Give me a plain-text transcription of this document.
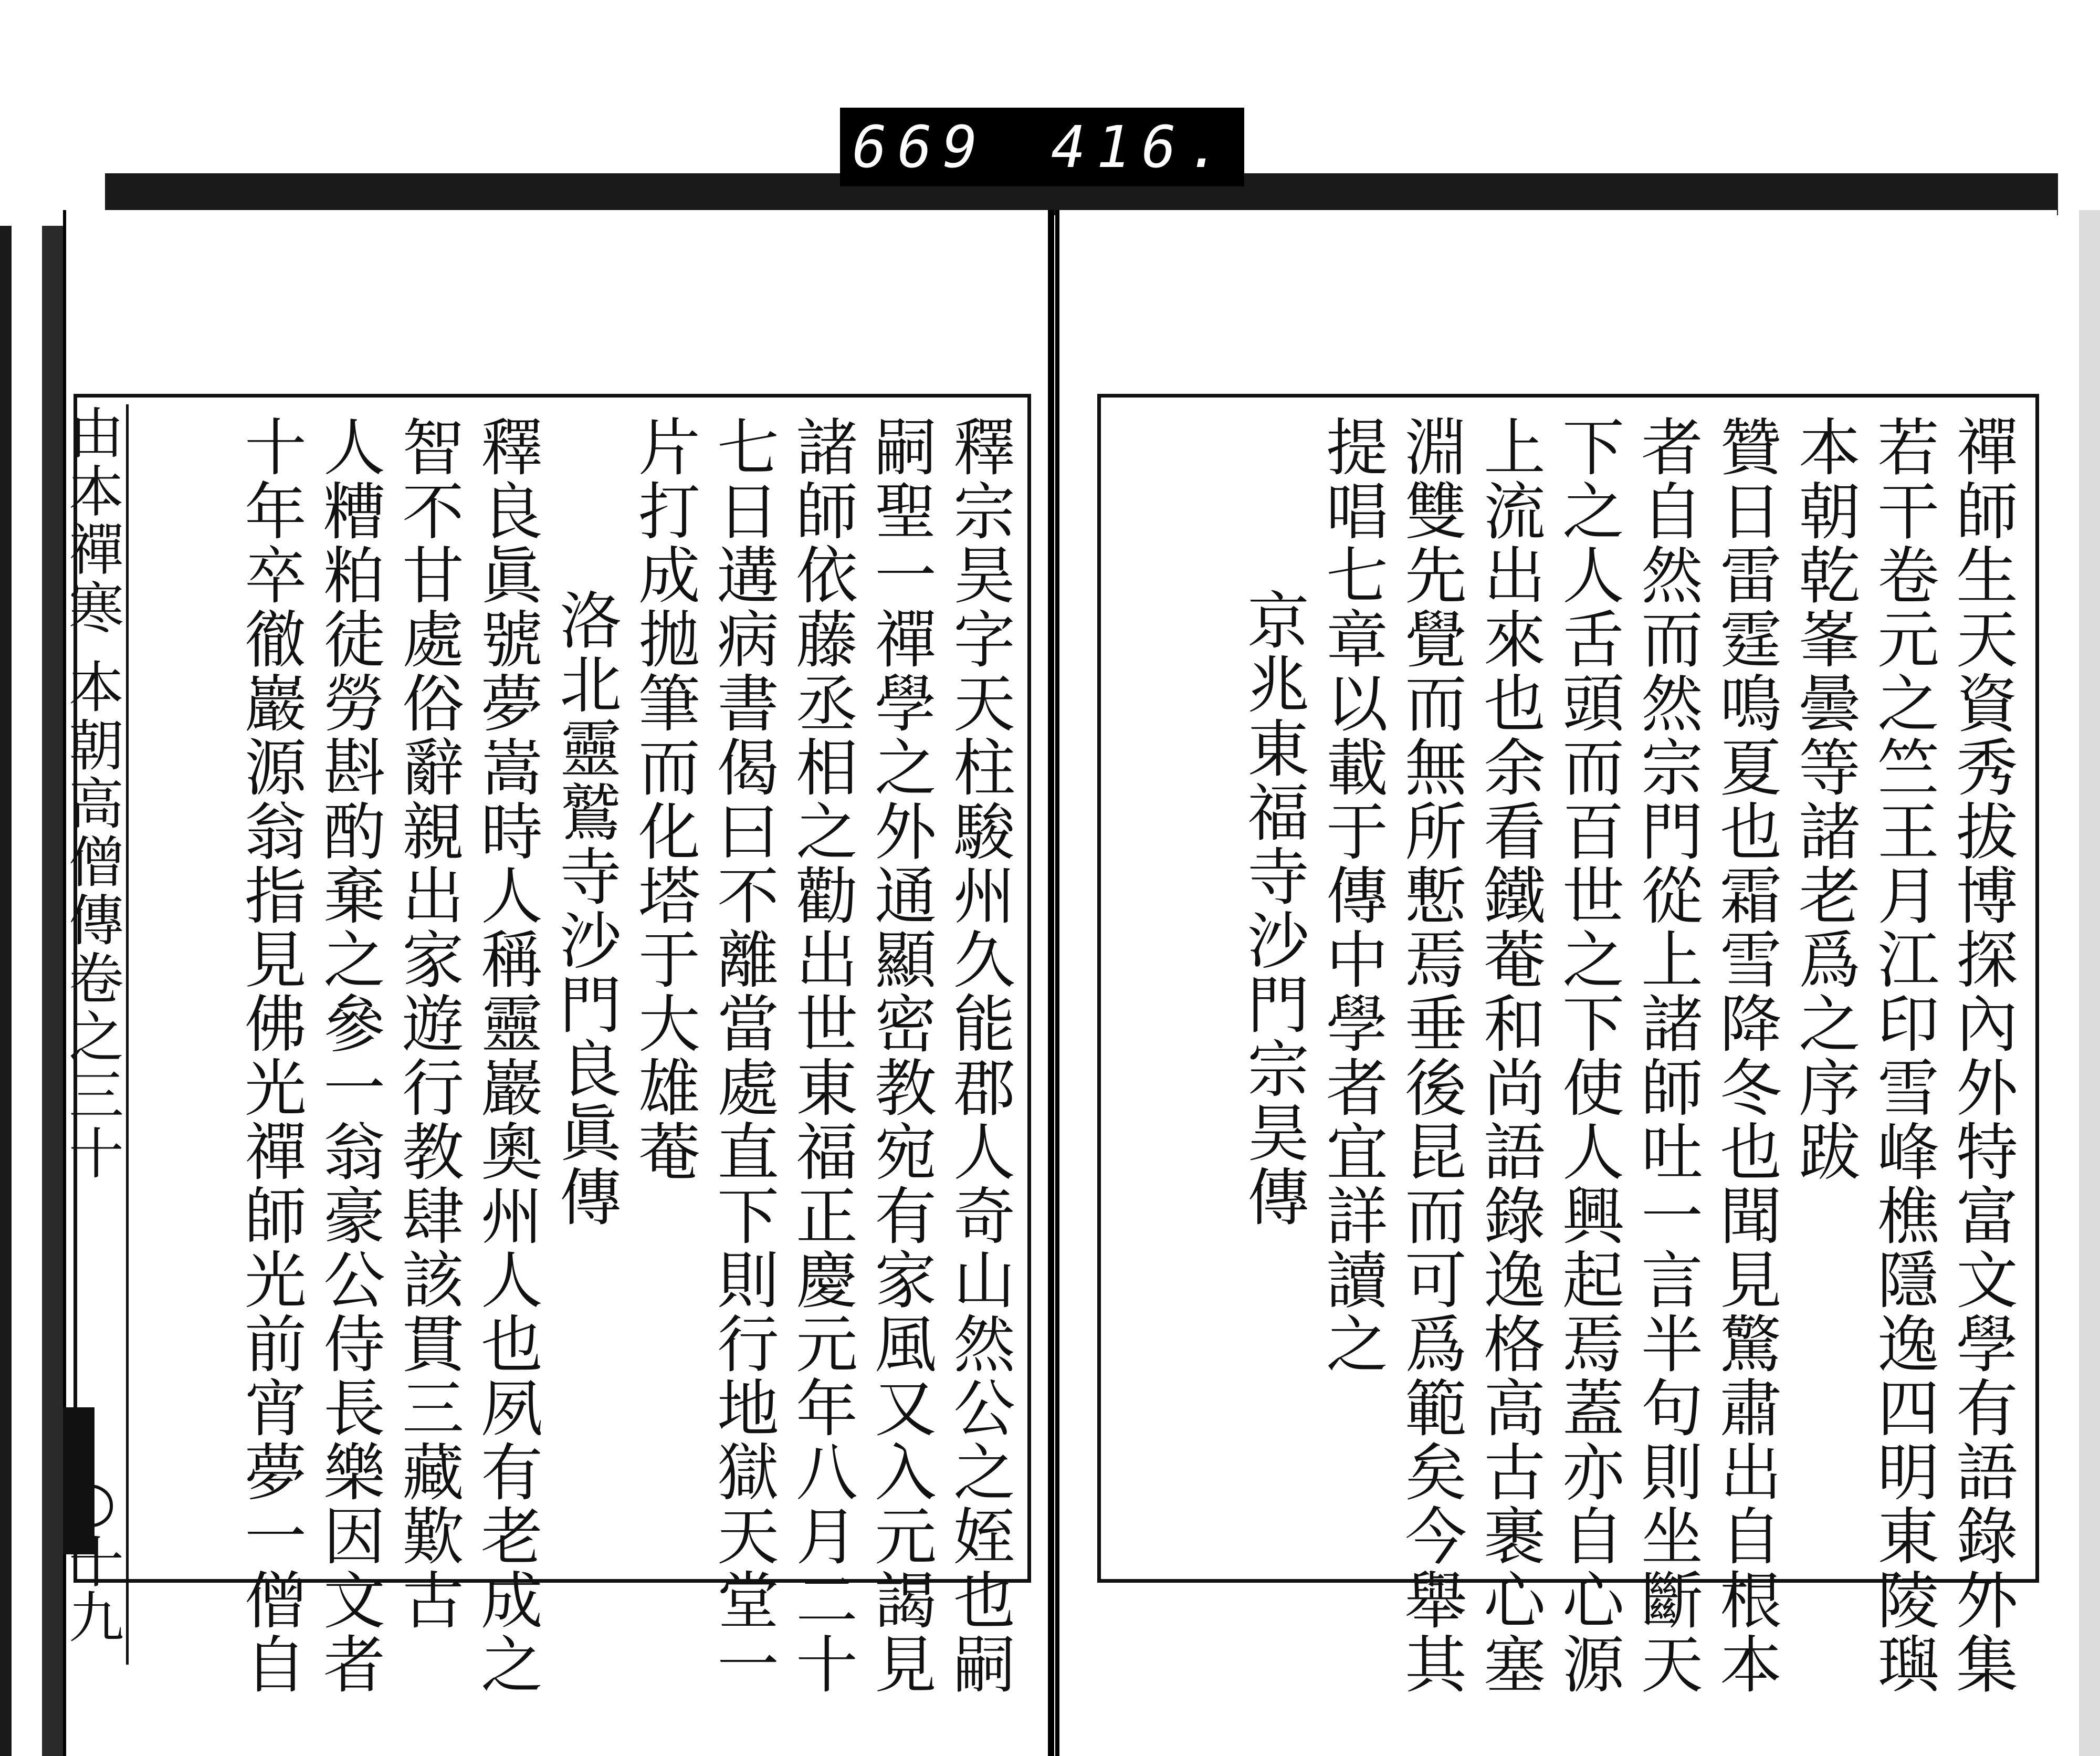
669 416.
由本禪寒 本朝高僧傳卷之三十
○十九	釋宗昊字天柱駿州久能郡人奇山然公之姪也嗣
嗣聖一禪學之外通顯密教宛有家風又入元謁見
諸師依藤丞相之勸出世東福正慶元年八月二十
七日遘病書偈曰不離當處直下則行地獄天堂一
片打成拋筆而化塔于大雄菴
洛北靈鷲寺沙門良眞傳
釋良眞號夢嵩時人稱靈巖奧州人也夙有老成之
智不甘處俗辭親出家遊行教肆該貫三藏歎古
人糟粕徒勞斟酌棄之參一翁豪公侍長樂因文者
十年卒徹巖源翁指見佛光禪師光前宵夢一僧自	禪師生天資秀拔博探內外特富文學有語錄外集
若干卷元之竺王月江印雪峰樵隱逸四明東陵璵
本朝乾峯曇等諸老爲之序跋
贊日雷霆鳴夏也霜雪降冬也聞見驚肅出自根本
者自然而然宗門從上諸師吐一言半句則坐斷天
下之人舌頭而百世之下使人興起焉蓋亦自心源
上流出來也余看鐵菴和尚語錄逸格高古裹心塞
淵雙先覺而無所慙焉垂後昆而可爲範矣今舉其
提唱七章以載于傳中學者宜詳讀之
京兆東福寺沙門宗昊傳
